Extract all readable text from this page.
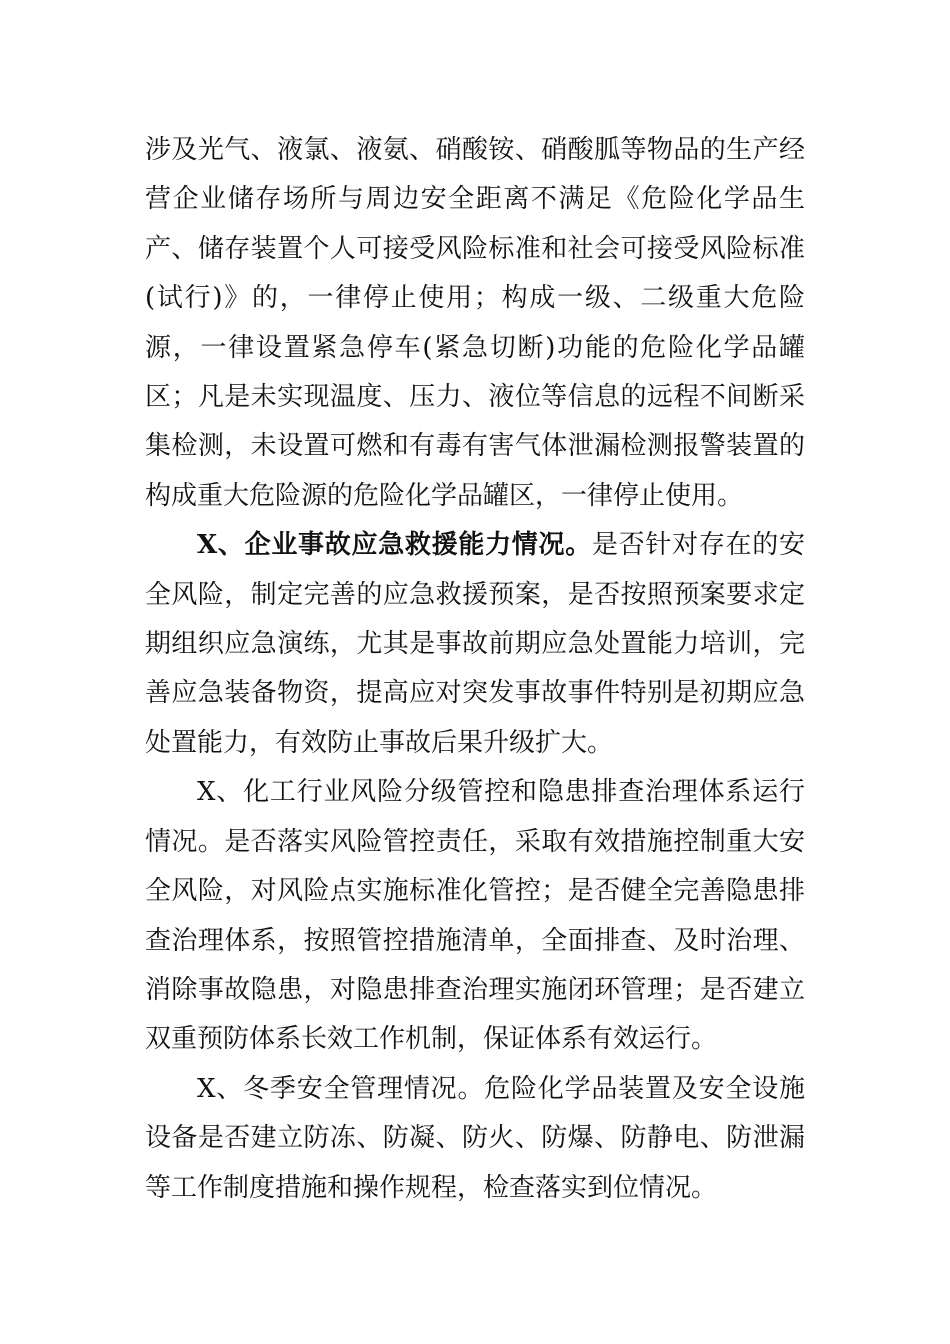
涉及光气、液氯、液氨、硝酸铵、硝酸胍等物品的生产经营企业储存场所与周边安全距离不满足《危险化学品生产、储存装置个人可接受风险标准和社会可接受风险标准(试行)》的，一律停止使用；构成一级、二级重大危险源，一律设置紧急停车(紧急切断)功能的危险化学品罐区；凡是未实现温度、压力、液位等信息的远程不间断采集检测，未设置可燃和有毒有害气体泄漏检测报警装置的构成重大危险源的危险化学品罐区，一律停止使用。

X、企业事故应急救援能力情况。是否针对存在的安全风险，制定完善的应急救援预案，是否按照预案要求定期组织应急演练，尤其是事故前期应急处置能力培训，完善应急装备物资，提高应对突发事故事件特别是初期应急处置能力，有效防止事故后果升级扩大。

X、化工行业风险分级管控和隐患排查治理体系运行情况。是否落实风险管控责任，采取有效措施控制重大安全风险，对风险点实施标准化管控；是否健全完善隐患排查治理体系，按照管控措施清单，全面排查、及时治理、消除事故隐患，对隐患排查治理实施闭环管理；是否建立双重预防体系长效工作机制，保证体系有效运行。

X、冬季安全管理情况。危险化学品装置及安全设施设备是否建立防冻、防凝、防火、防爆、防静电、防泄漏等工作制度措施和操作规程，检查落实到位情况。
